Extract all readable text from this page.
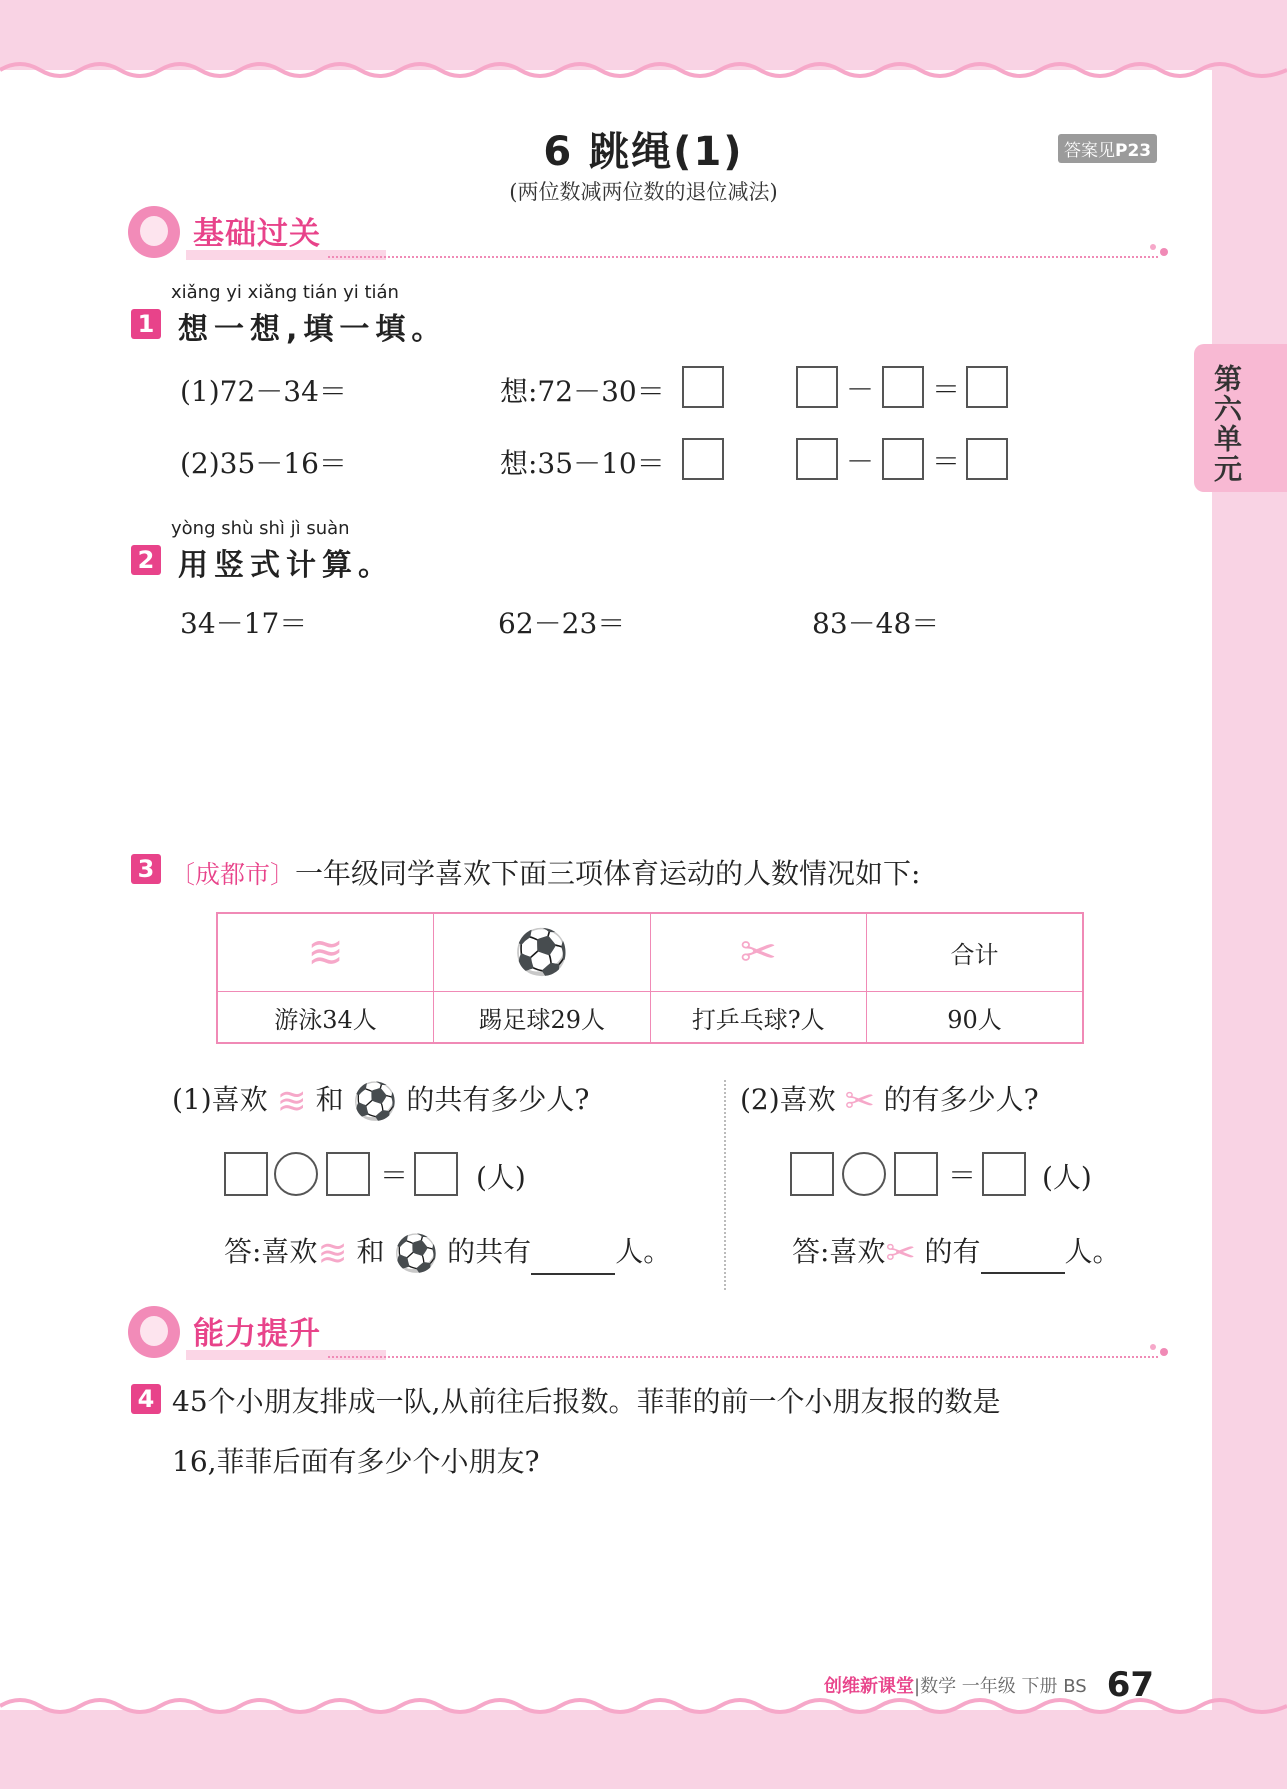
6 跳绳(1)
(两位数减两位数的退位减法)
答案见P23
第六单元
基础过关
xiǎng yi xiǎng tián yi tián
1 想一想,填一填。
(1)72－34＝	想:72－30＝	－ ＝
(2)35－16＝	想:35－10＝	－ ＝
yòng shù shì jì suàn
2 用竖式计算。
34－17＝	62－23＝	83－48＝
3 〔成都市〕一年级同学喜欢下面三项体育运动的人数情况如下:
≋	⚽	✂	合计
游泳34人	踢足球29人	打乒乓球?人	90人
(1)喜欢 ≋ 和 ⚽ 的共有多少人?
＝ (人)
答:喜欢≋ 和 ⚽ 的共有	人。
(2)喜欢 ✂ 的有多少人?
＝ (人)
答:喜欢✂ 的有	人。
能力提升
4 45个小朋友排成一队,从前往后报数。菲菲的前一个小朋友报的数是
16,菲菲后面有多少个小朋友?
创维新课堂|数学 一年级 下册 BS 67
